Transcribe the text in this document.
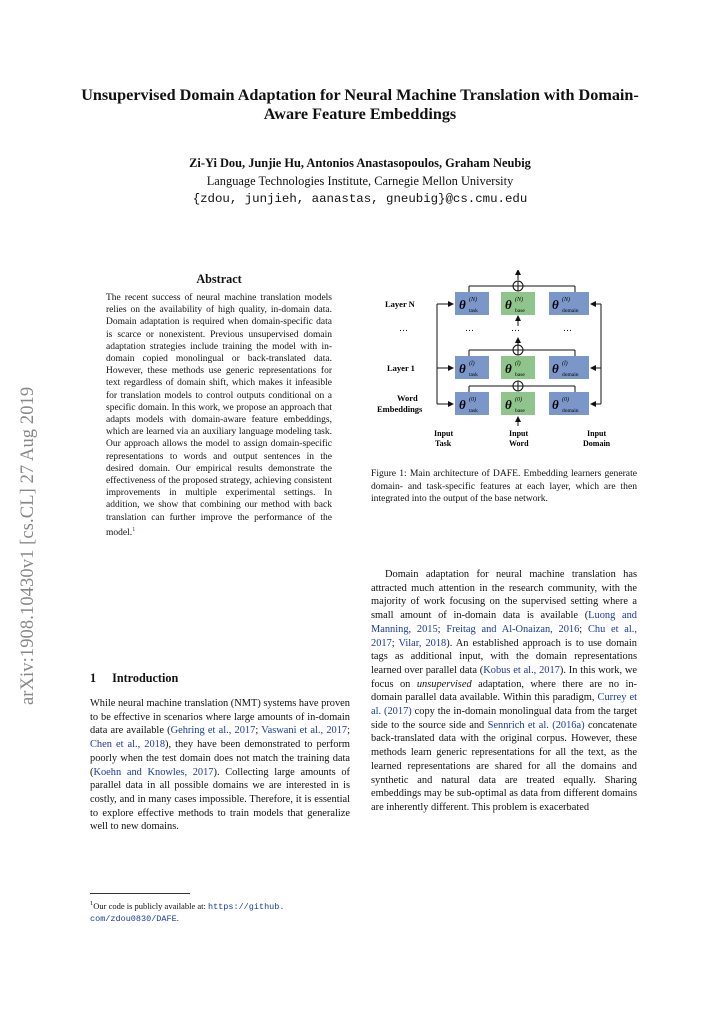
Unsupervised Domain Adaptation for Neural Machine Translation with Domain-Aware Feature Embeddings
Zi-Yi Dou, Junjie Hu, Antonios Anastasopoulos, Graham Neubig
Language Technologies Institute, Carnegie Mellon University
{zdou, junjieh, aanastas, gneubig}@cs.cmu.edu
arXiv:1908.10430v1 [cs.CL] 27 Aug 2019
Abstract
The recent success of neural machine translation models relies on the availability of high quality, in-domain data. Domain adaptation is required when domain-specific data is scarce or nonexistent. Previous unsupervised domain adaptation strategies include training the model with in-domain copied monolingual or back-translated data. However, these methods use generic representations for text regardless of domain shift, which makes it infeasible for translation models to control outputs conditional on a specific domain. In this work, we propose an approach that adapts models with domain-aware feature embeddings, which are learned via an auxiliary language modeling task. Our approach allows the model to assign domain-specific representations to words and output sentences in the desired domain. Our empirical results demonstrate the effectiveness of the proposed strategy, achieving consistent improvements in multiple experimental settings. In addition, we show that combining our method with back translation can further improve the performance of the model.$^1$
1 Introduction
While neural machine translation (NMT) systems have proven to be effective in scenarios where large amounts of in-domain data are available (Gehring et al., 2017; Vaswani et al., 2017; Chen et al., 2018), they have been demonstrated to perform poorly when the test domain does not match the training data (Koehn and Knowles, 2017). Collecting large amounts of parallel data in all possible domains we are interested in is costly, and in many cases impossible. Therefore, it is essential to explore effective methods to train models that generalize well to new domains.
$^1$Our code is publicly available at: https://github.
com/zdou0830/DAFE.
Layer N	θ (N)
task θ (N)
base θ (N)
domain
…	…	…	…
Layer 1	θ (l)
task θ (l)
base θ (l)
domain
Word
Embeddings	θ (0)
task θ (0)
base θ (0)
domain
Input
Task
Input
Word
Input
Domain
Figure 1: Main architecture of DAFE. Embedding learners generate domain- and task-specific features at each layer, which are then integrated into the output of the base network.

Domain adaptation for neural machine translation has attracted much attention in the research community, with the majority of work focusing on the supervised setting where a small amount of in-domain data is available (Luong and Manning, 2015; Freitag and Al-Onaizan, 2016; Chu et al., 2017; Vilar, 2018). An established approach is to use domain tags as additional input, with the domain representations learned over parallel data (Kobus et al., 2017). In this work, we focus on unsupervised adaptation, where there are no in-domain parallel data available. Within this paradigm, Currey et al. (2017) copy the in-domain monolingual data from the target side to the source side and Sennrich et al. (2016a) concatenate back-translated data with the original corpus. However, these methods learn generic representations for all the text, as the learned representations are shared for all the domains and synthetic and natural data are treated equally. Sharing embeddings may be sub-optimal as data from different domains are inherently different. This problem is exacerbated
